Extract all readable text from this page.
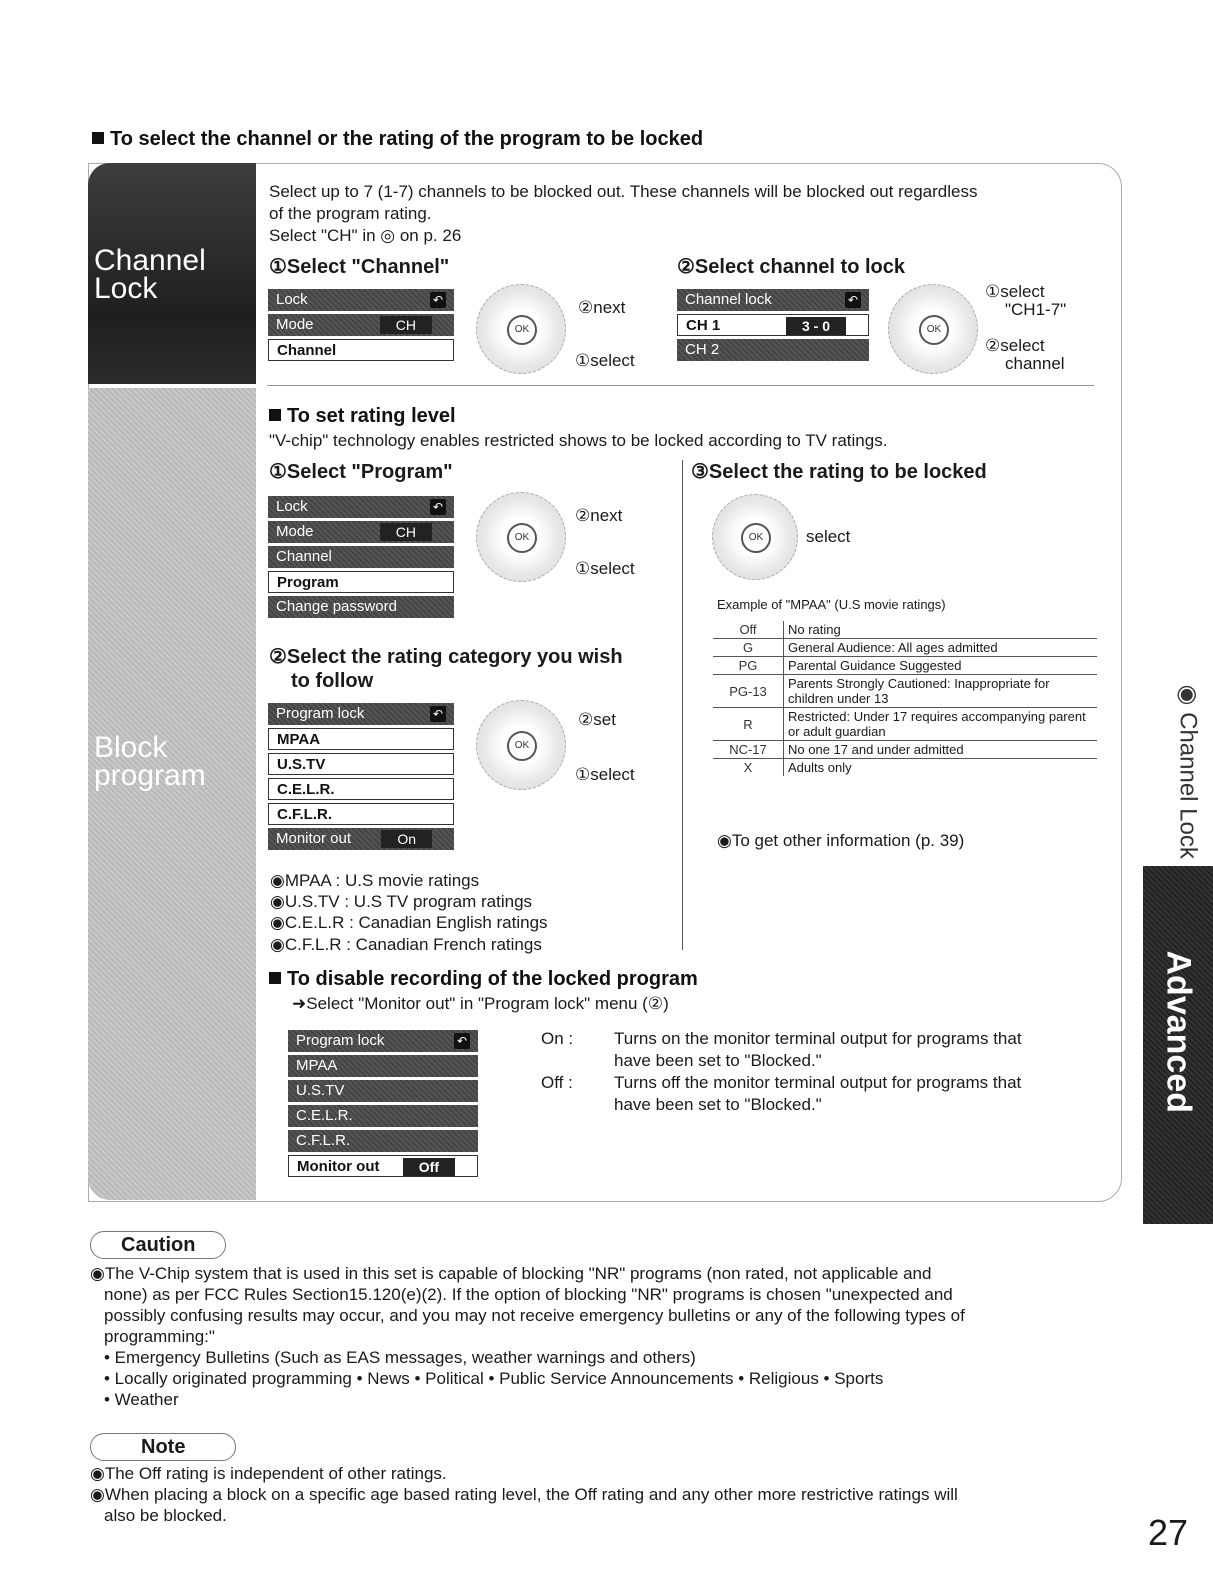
To select the channel or the rating of the program to be locked
Channel
Lock
Block
program
Select up to 7 (1-7) channels to be blocked out. These channels will be blocked out regardless
of the program rating.
Select "CH" in ◎ on p. 26
①Select "Channel"	②Select channel to lock
Lock	↶
Mode	CH
Channel
OK
②next
①select
Channel lock	↶
CH 1	3 - 0
CH 2
OK
①select
"CH1-7"
②select
channel
To set rating level
"V-chip" technology enables restricted shows to be locked according to TV ratings.
①Select "Program"
Lock	↶
Mode	CH
Channel
Program
Change password
OK
②next
①select
②Select the rating category you wish
to follow
Program lock	↶
MPAA
U.S.TV
C.E.L.R.
C.F.L.R.
Monitor out	On
OK
②set
①select
◉MPAA : U.S movie ratings
◉U.S.TV : U.S TV program ratings
◉C.E.L.R : Canadian English ratings
◉C.F.L.R : Canadian French ratings
③Select the rating to be locked
OK	select
Example of "MPAA" (U.S movie ratings)
Off	No rating
G	General Audience: All ages admitted
PG	Parental Guidance Suggested
PG-13	Parents Strongly Cautioned: Inappropriate for children under 13
R	Restricted: Under 17 requires accompanying parent or adult guardian
NC-17	No one 17 and under admitted
X	Adults only
◉To get other information (p. 39)
To disable recording of the locked program
➜Select "Monitor out" in "Program lock" menu (②)
Program lock	↶
MPAA
U.S.TV
C.E.L.R.
C.F.L.R.
Monitor out	Off
On : Turns on the monitor terminal output for programs that
have been set to "Blocked."
Off : Turns off the monitor terminal output for programs that
have been set to "Blocked."
Caution
◉The V-Chip system that is used in this set is capable of blocking "NR" programs (non rated, not applicable and
none) as per FCC Rules Section15.120(e)(2). If the option of blocking "NR" programs is chosen "unexpected and
possibly confusing results may occur, and you may not receive emergency bulletins or any of the following types of
programming:"
• Emergency Bulletins (Such as EAS messages, weather warnings and others)
• Locally originated programming • News • Political • Public Service Announcements • Religious • Sports
• Weather
Note
◉The Off rating is independent of other ratings.
◉When placing a block on a specific age based rating level, the Off rating and any other more restrictive ratings will
also be blocked.
◉ Channel Lock
Advanced
27
